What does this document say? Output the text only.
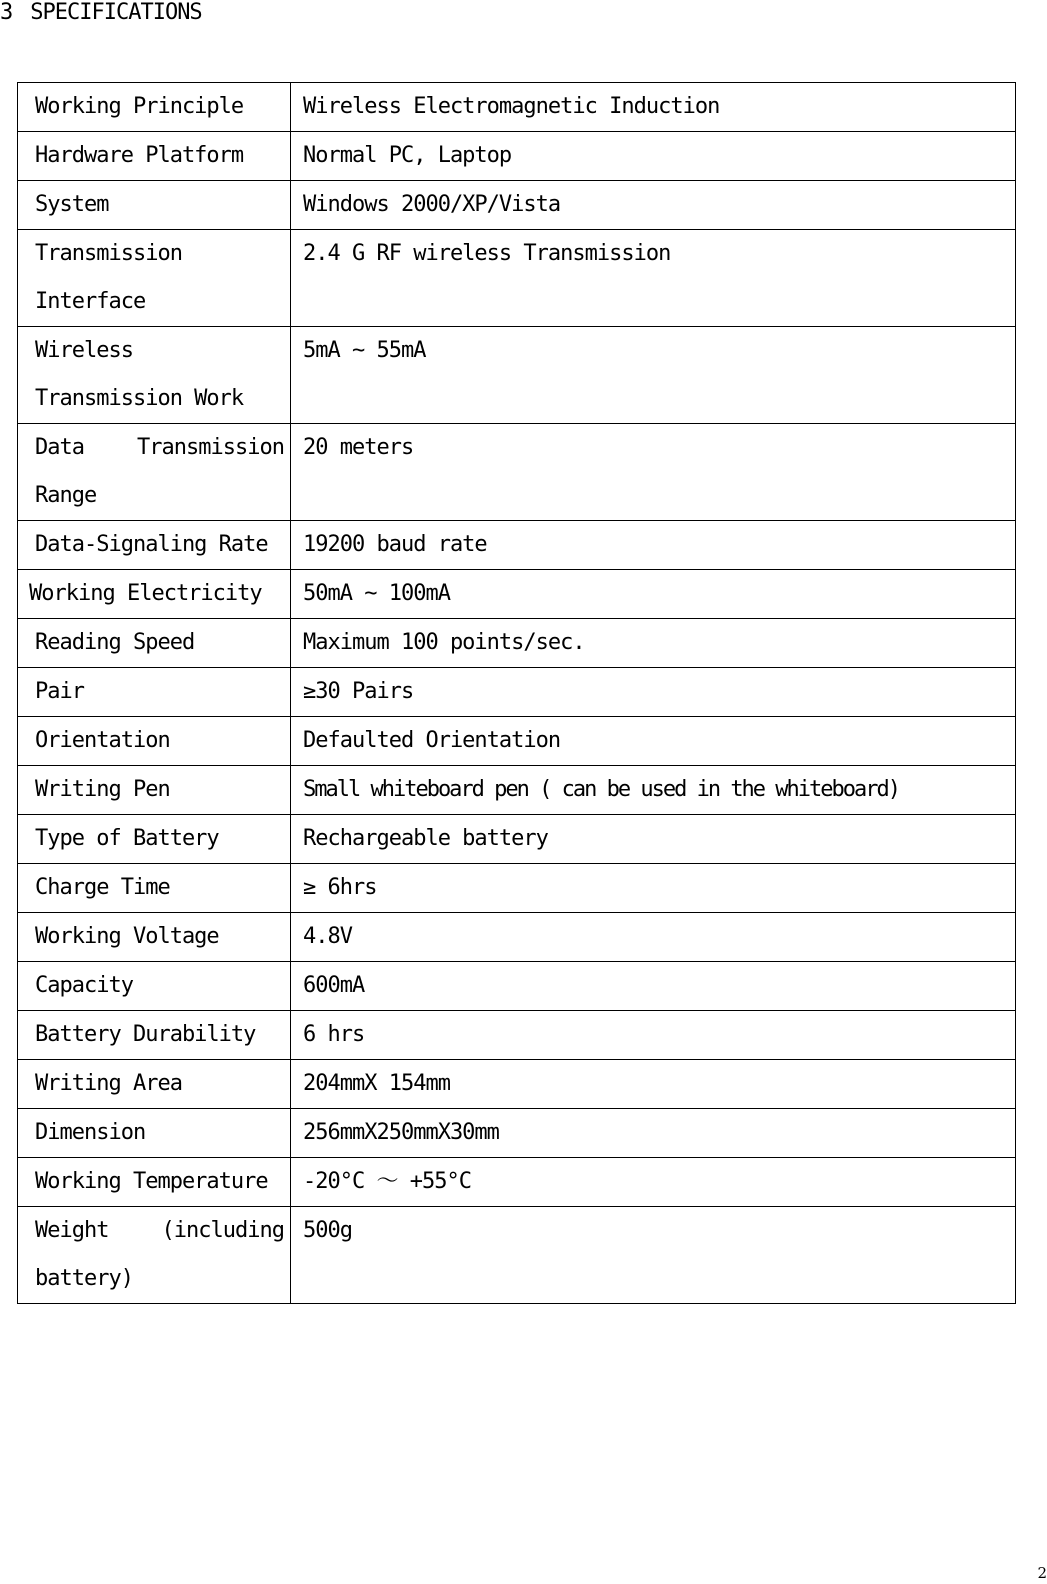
3 SPECIFICATIONS
Working Principle	Wireless Electromagnetic Induction
Hardware Platform	Normal PC, Laptop
System	Windows 2000/XP/Vista
Transmission Interface	2.4 G RF wireless Transmission
Wireless Transmission Work	5mA ~ 55mA
Data Transmission Range	20 meters
Data-Signaling Rate	19200 baud rate
Working Electricity	50mA ~ 100mA
Reading Speed	Maximum 100 points/sec.
Pair	≥30 Pairs
Orientation	Defaulted Orientation
Writing Pen	Small whiteboard pen ( can be used in the whiteboard)
Type of Battery	Rechargeable battery
Charge Time	≥ 6hrs
Working Voltage	4.8V
Capacity	600mA
Battery Durability	6 hrs
Writing Area	204mmX 154mm
Dimension	256mmX250mmX30mm
Working Temperature	-20°C ～ +55°C
Weight (including battery)	500g
2
